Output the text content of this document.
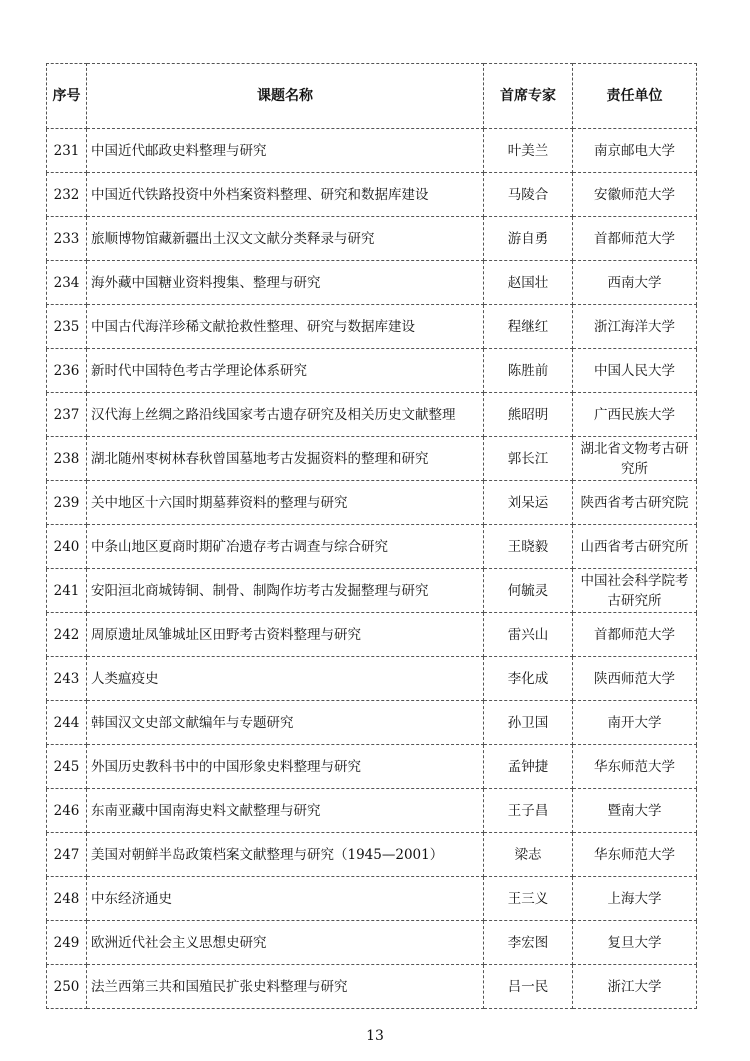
序号	课题名称	首席专家	责任单位
231	中国近代邮政史料整理与研究	叶美兰	南京邮电大学
232	中国近代铁路投资中外档案资料整理、研究和数据库建设	马陵合	安徽师范大学
233	旅顺博物馆藏新疆出土汉文文献分类释录与研究	游自勇	首都师范大学
234	海外藏中国糖业资料搜集、整理与研究	赵国壮	西南大学
235	中国古代海洋珍稀文献抢救性整理、研究与数据库建设	程继红	浙江海洋大学
236	新时代中国特色考古学理论体系研究	陈胜前	中国人民大学
237	汉代海上丝绸之路沿线国家考古遗存研究及相关历史文献整理	熊昭明	广西民族大学
238	湖北随州枣树林春秋曾国墓地考古发掘资料的整理和研究	郭长江	湖北省文物考古研究所
239	关中地区十六国时期墓葬资料的整理与研究	刘呆运	陕西省考古研究院
240	中条山地区夏商时期矿冶遗存考古调查与综合研究	王晓毅	山西省考古研究所
241	安阳洹北商城铸铜、制骨、制陶作坊考古发掘整理与研究	何毓灵	中国社会科学院考古研究所
242	周原遗址凤雏城址区田野考古资料整理与研究	雷兴山	首都师范大学
243	人类瘟疫史	李化成	陕西师范大学
244	韩国汉文史部文献编年与专题研究	孙卫国	南开大学
245	外国历史教科书中的中国形象史料整理与研究	孟钟捷	华东师范大学
246	东南亚藏中国南海史料文献整理与研究	王子昌	暨南大学
247	美国对朝鲜半岛政策档案文献整理与研究（1945—2001）	梁志	华东师范大学
248	中东经济通史	王三义	上海大学
249	欧洲近代社会主义思想史研究	李宏图	复旦大学
250	法兰西第三共和国殖民扩张史料整理与研究	吕一民	浙江大学
13
